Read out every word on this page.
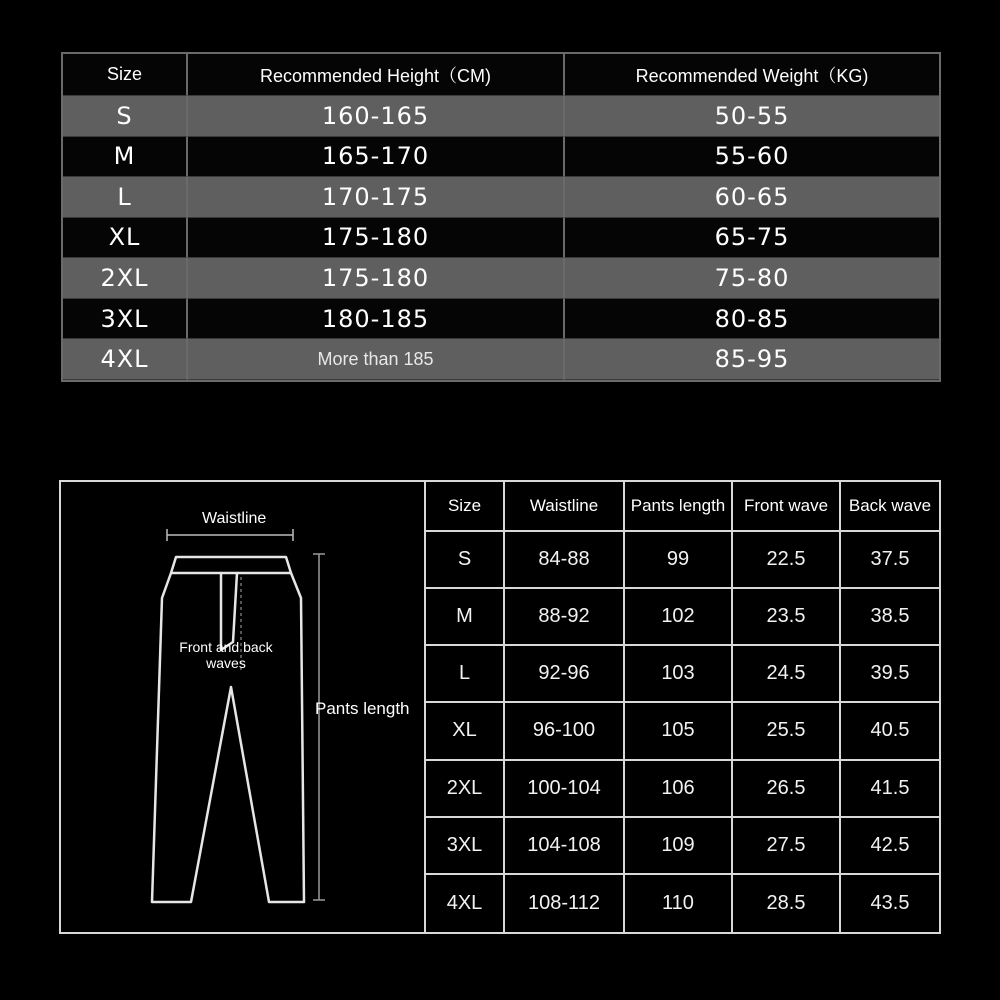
Size	Recommended Height（CM)	Recommended Weight（KG)
S	160-165	50-55
M	165-170	55-60
L	170-175	60-65
XL	175-180	65-75
2XL	175-180	75-80
3XL	180-185	80-85
4XL	More than 185	85-95
Waistline
Front and back
waves
Pants length
Size	Waistline	Pants length	Front wave	Back wave
S	84-88	99	22.5	37.5
M	88-92	102	23.5	38.5
L	92-96	103	24.5	39.5
XL	96-100	105	25.5	40.5
2XL	100-104	106	26.5	41.5
3XL	104-108	109	27.5	42.5
4XL	108-112	110	28.5	43.5
